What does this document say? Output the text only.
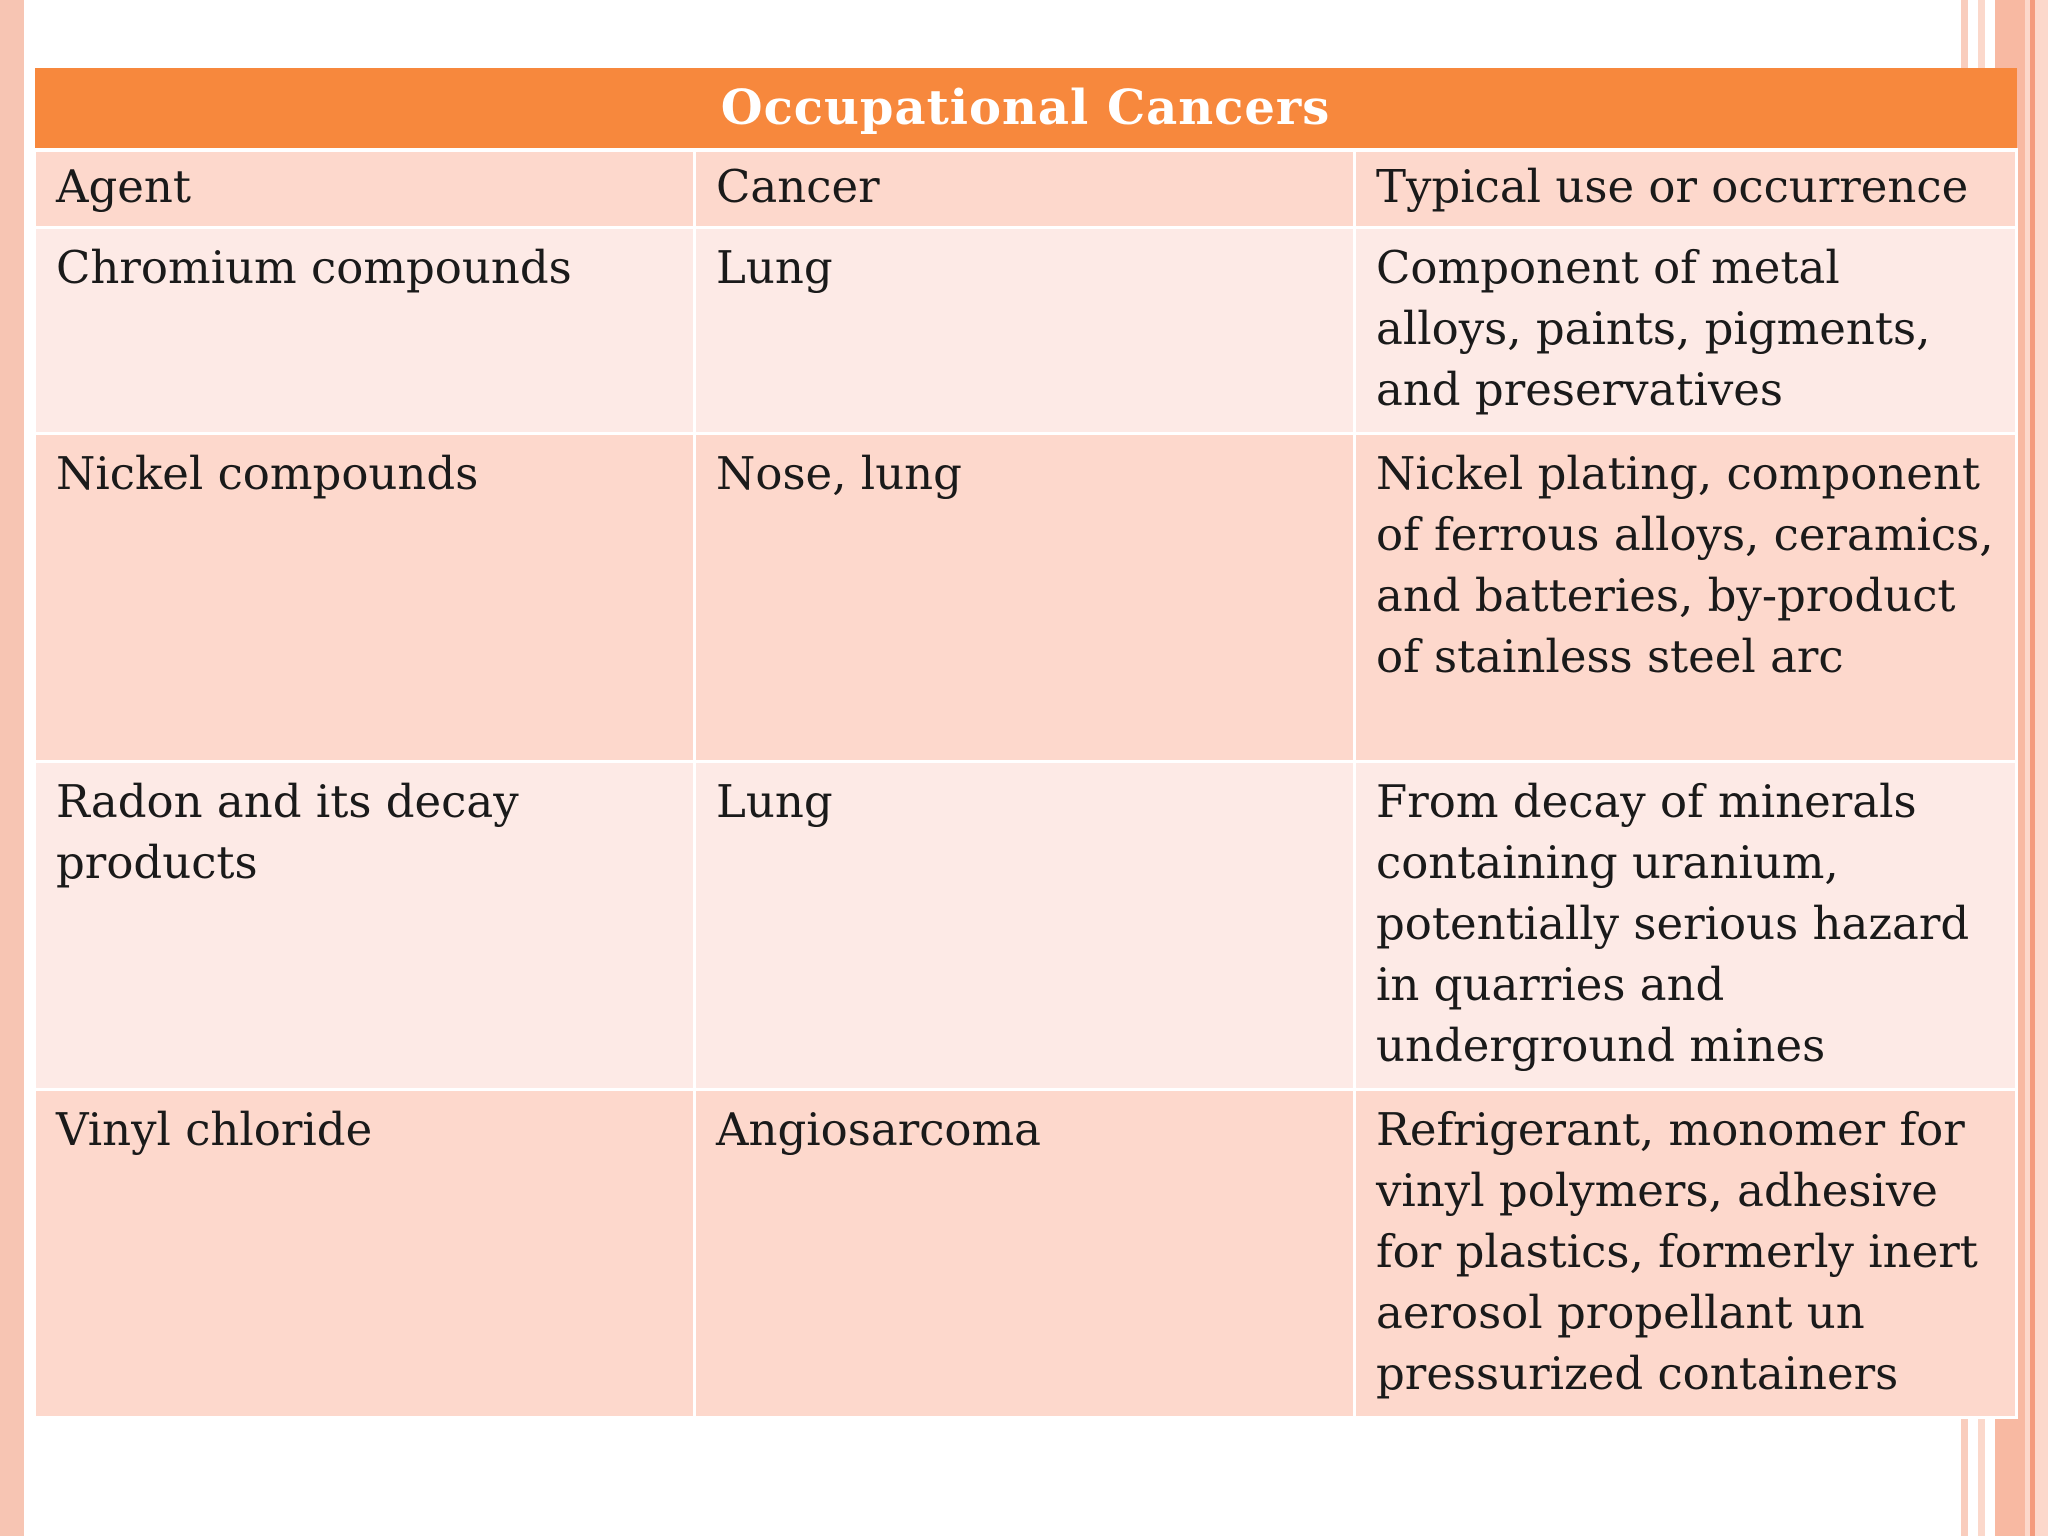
Occupational Cancers		
Agent	Cancer	Typical use or occurrence
Chromium compounds	Lung	Component of metal alloys, paints, pigments, and preservatives
Nickel compounds	Nose, lung	Nickel plating, component of ferrous alloys, ceramics, and batteries, by-product of stainless steel arc
Radon and its decay products	Lung	From decay of minerals containing uranium, potentially serious hazard in quarries and underground mines
Vinyl chloride	Angiosarcoma	Refrigerant, monomer for vinyl polymers, adhesive for plastics, formerly inert aerosol propellant un pressurized containers
